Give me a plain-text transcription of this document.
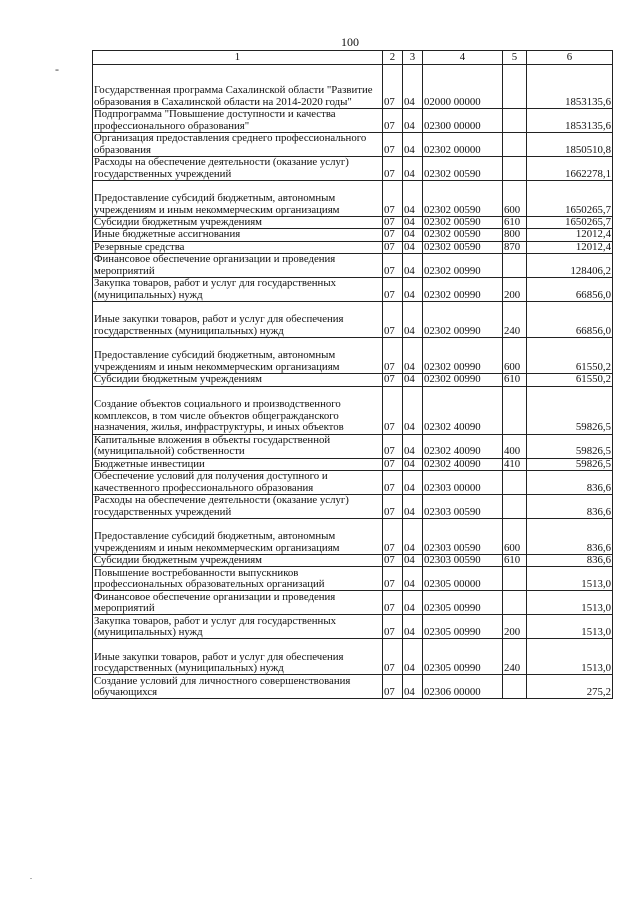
100
-
.
1	2	3	4	5	6
Государственная программа Сахалинской области "Развитие образования в Сахалинской области на 2014-2020 годы"	07	04	02000 00000		1853135,6
Подпрограмма "Повышение доступности и качества профессионального образования"	07	04	02300 00000		1853135,6
Организация предоставления среднего профессионального образования	07	04	02302 00000		1850510,8
Расходы на обеспечение деятельности (оказание услуг) государственных учреждений	07	04	02302 00590		1662278,1
Предоставление субсидий бюджетным, автономным учреждениям и иным некоммерческим организациям	07	04	02302 00590	600	1650265,7
Субсидии бюджетным учреждениям	07	04	02302 00590	610	1650265,7
Иные бюджетные ассигнования	07	04	02302 00590	800	12012,4
Резервные средства	07	04	02302 00590	870	12012,4
Финансовое обеспечение организации и проведения мероприятий	07	04	02302 00990		128406,2
Закупка товаров, работ и услуг для государственных (муниципальных) нужд	07	04	02302 00990	200	66856,0
Иные закупки товаров, работ и услуг для обеспечения государственных (муниципальных) нужд	07	04	02302 00990	240	66856,0
Предоставление субсидий бюджетным, автономным учреждениям и иным некоммерческим организациям	07	04	02302 00990	600	61550,2
Субсидии бюджетным учреждениям	07	04	02302 00990	610	61550,2
Создание объектов социального и производственного комплексов, в том числе объектов общегражданского назначения, жилья, инфраструктуры, и иных объектов	07	04	02302 40090		59826,5
Капитальные вложения в объекты государственной (муниципальной) собственности	07	04	02302 40090	400	59826,5
Бюджетные инвестиции	07	04	02302 40090	410	59826,5
Обеспечение условий для получения доступного и качественного профессионального образования	07	04	02303 00000		836,6
Расходы на обеспечение деятельности (оказание услуг) государственных учреждений	07	04	02303 00590		836,6
Предоставление субсидий бюджетным, автономным учреждениям и иным некоммерческим организациям	07	04	02303 00590	600	836,6
Субсидии бюджетным учреждениям	07	04	02303 00590	610	836,6
Повышение востребованности выпускников профессиональных образовательных организаций	07	04	02305 00000		1513,0
Финансовое обеспечение организации и проведения мероприятий	07	04	02305 00990		1513,0
Закупка товаров, работ и услуг для государственных (муниципальных) нужд	07	04	02305 00990	200	1513,0
Иные закупки товаров, работ и услуг для обеспечения государственных (муниципальных) нужд	07	04	02305 00990	240	1513,0
Создание условий для личностного совершенствования обучающихся	07	04	02306 00000		275,2
